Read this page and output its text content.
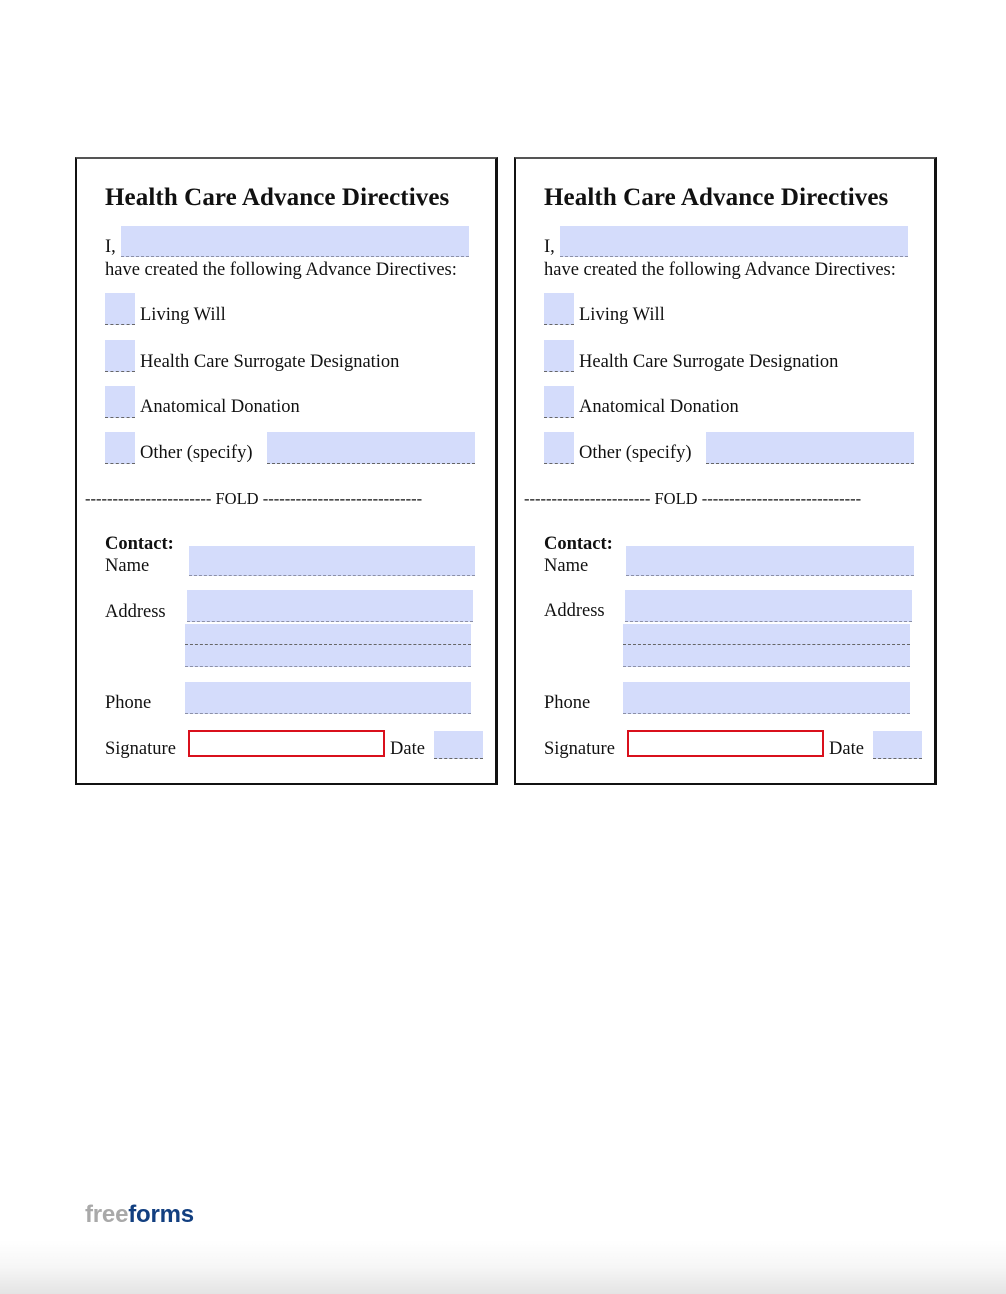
Health Care Advance Directives
I,
have created the following Advance Directives:
Living Will
Health Care Surrogate Designation
Anatomical Donation
Other (specify)
----------------------- FOLD -----------------------------
Contact:
Name
Address
Phone
Signature	Date
Health Care Advance Directives
I,
have created the following Advance Directives:
Living Will
Health Care Surrogate Designation
Anatomical Donation
Other (specify)
----------------------- FOLD -----------------------------
Contact:
Name
Address
Phone
Signature	Date
freeforms
